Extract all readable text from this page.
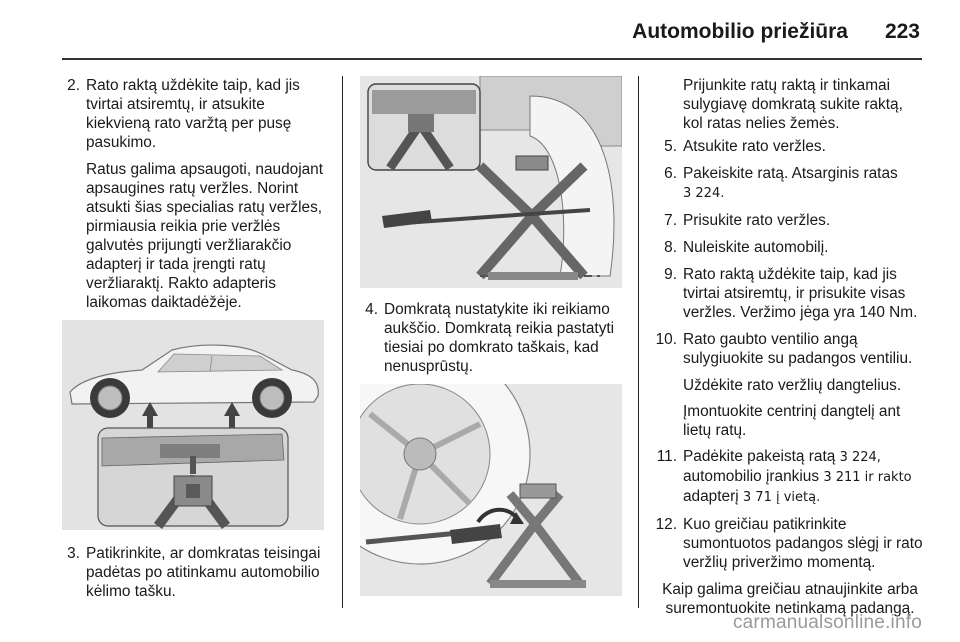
Automobilio priežiūra 223
2. Rato raktą uždėkite taip, kad jis tvirtai atsiremtų, ir atsukite kiekvieną rato varžtą per pusę pasukimo.
Ratus galima apsaugoti, naudojant apsaugines ratų veržles. Norint atsukti šias specialias ratų veržles, pirmiausia reikia prie veržlės galvutės prijungti veržliarakčio adapterį ir tada įrengti ratų veržliaraktį. Rakto adapteris laikomas daiktadėžėje.
3. Patikrinkite, ar domkratas teisingai padėtas po atitinkamu automobilio kėlimo tašku.
4. Domkratą nustatykite iki reikiamo aukščio. Domkratą reikia pastatyti tiesiai po domkrato taškais, kad nenusprūstų.
Prijunkite ratų raktą ir tinkamai sulygiavę domkratą sukite raktą, kol ratas nelies žemės.
5. Atsukite rato veržles.
6. Pakeiskite ratą. Atsarginis ratas
3 224.
7. Prisukite rato veržles.
8. Nuleiskite automobilį.
9. Rato raktą uždėkite taip, kad jis tvirtai atsiremtų, ir prisukite visas veržles. Veržimo jėga yra 140 Nm.
10. Rato gaubto ventilio angą sulygiuokite su padangos ventiliu.
Uždėkite rato veržlių dangtelius.
Įmontuokite centrinį dangtelį ant lietų ratų.
11. Padėkite pakeistą ratą 3 224, automobilio įrankius 3 211 ir rakto adapterį 3 71 į vietą.
12. Kuo greičiau patikrinkite sumontuotos padangos slėgį ir rato veržlių priveržimo momentą.
Kaip galima greičiau atnaujinkite arba suremontuokite netinkamą padangą.
carmanualsonline.info
